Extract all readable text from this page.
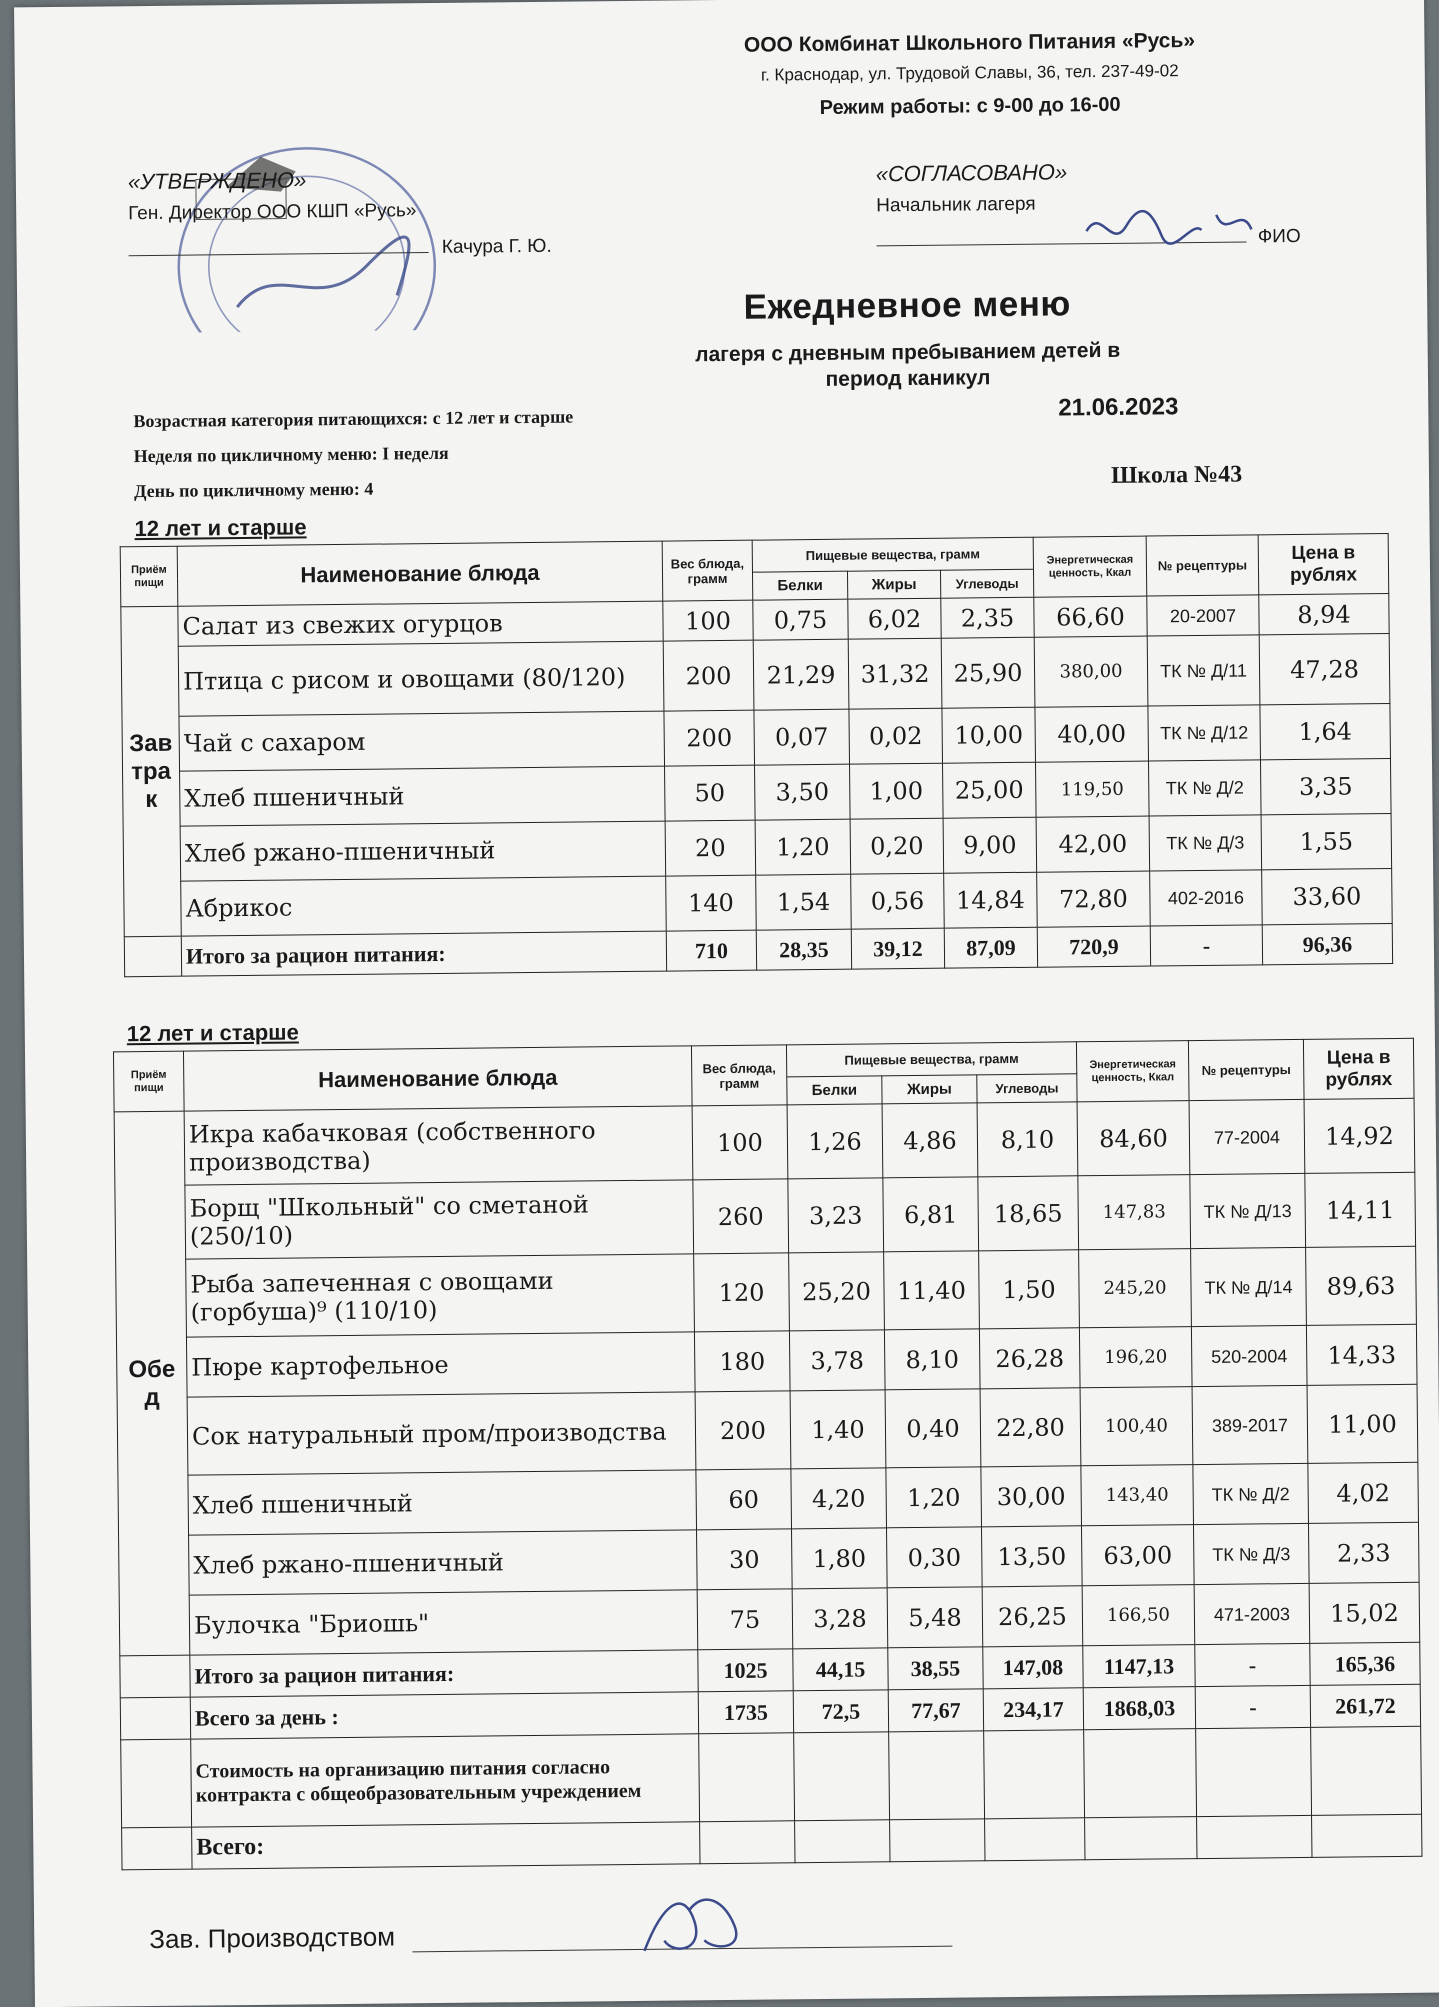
ООО Комбинат Школьного Питания «Русь»
г. Краснодар, ул. Трудовой Славы, 36, тел. 237-49-02
Режим работы: с 9-00 до 16-00
«УТВЕРЖДЕНО»
Ген. Директор ООО КШП «Русь»
Качура Г. Ю.
«СОГЛАСОВАНО»
Начальник лагеря
ФИО
Ежедневное меню
лагеря с дневным пребыванием детей в
период каникул
Возрастная категория питающихся: с 12 лет и старше	21.06.2023
Неделя по цикличному меню: I неделя
День по цикличному меню: 4
Школа №43
12 лет и старше
Приём пищи	Наименование блюда	Вес блюда, грамм	Пищевые вещества, грамм			Энергетическая ценность, Ккал	№ рецептуры	Цена в рублях
			Белки	Жиры	Углеводы			
Завтрак	Салат из свежих огурцов	100	0,75	6,02	2,35	66,60	20-2007	8,94
	Птица с рисом и овощами (80/120)	200	21,29	31,32	25,90	380,00	ТК № Д/11	47,28
	Чай с сахаром	200	0,07	0,02	10,00	40,00	ТК № Д/12	1,64
	Хлеб пшеничный	50	3,50	1,00	25,00	119,50	ТК № Д/2	3,35
	Хлеб ржано-пшеничный	20	1,20	0,20	9,00	42,00	ТК № Д/3	1,55
	Абрикос	140	1,54	0,56	14,84	72,80	402-2016	33,60
	Итого за рацион питания:	710	28,35	39,12	87,09	720,9	-	96,36
12 лет и старше
Приём пищи	Наименование блюда	Вес блюда, грамм	Пищевые вещества, грамм			Энергетическая ценность, Ккал	№ рецептуры	Цена в рублях
			Белки	Жиры	Углеводы			
Обед	Икра кабачковая (собственного производства)	100	1,26	4,86	8,10	84,60	77-2004	14,92
	Борщ "Школьный" со сметаной (250/10)	260	3,23	6,81	18,65	147,83	ТК № Д/13	14,11
	Рыба запеченная с овощами (горбуша)⁹ (110/10)	120	25,20	11,40	1,50	245,20	ТК № Д/14	89,63
	Пюре картофельное	180	3,78	8,10	26,28	196,20	520-2004	14,33
	Сок натуральный пром/производства	200	1,40	0,40	22,80	100,40	389-2017	11,00
	Хлеб пшеничный	60	4,20	1,20	30,00	143,40	ТК № Д/2	4,02
	Хлеб ржано-пшеничный	30	1,80	0,30	13,50	63,00	ТК № Д/3	2,33
	Булочка "Бриошь"	75	3,28	5,48	26,25	166,50	471-2003	15,02
	Итого за рацион питания:	1025	44,15	38,55	147,08	1147,13	-	165,36
	Всего за день :	1735	72,5	77,67	234,17	1868,03	-	261,72
	Стоимость на организацию питания согласно контракта с общеобразовательным учреждением							
	Всего:							
Зав. Производством
